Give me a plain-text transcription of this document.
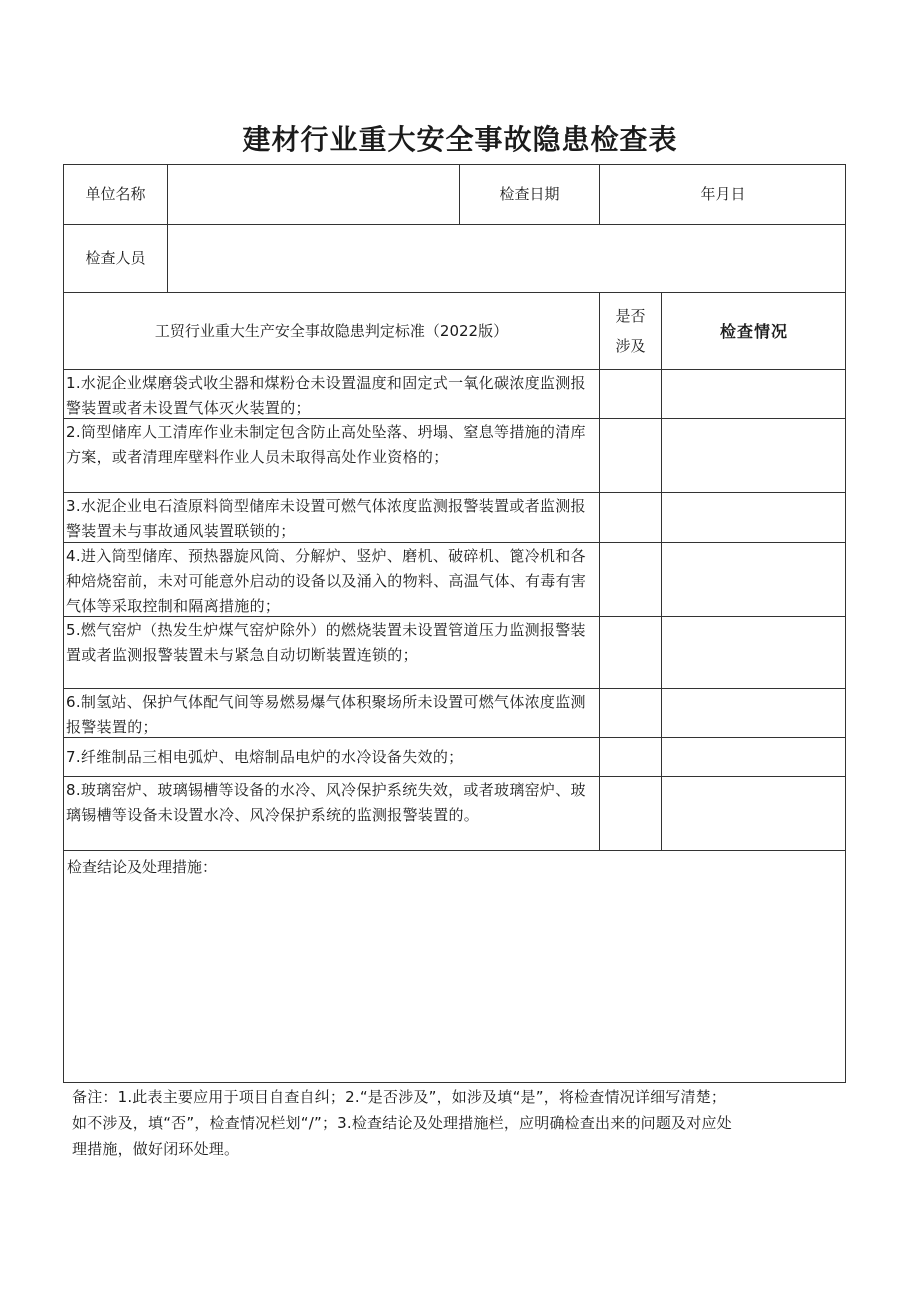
建材行业重大安全事故隐患检查表
单位名称	检查日期	年月日
检查人员
工贸行业重大生产安全事故隐患判定标准（2022版）
是否
涉及
检查情况
1.水泥企业煤磨袋式收尘器和煤粉仓未设置温度和固定式一氧化碳浓度监测报警装置或者未设置气体灭火装置的；
2.筒型储库人工清库作业未制定包含防止高处坠落、坍塌、窒息等措施的清库方案，或者清理库壁料作业人员未取得高处作业资格的；
3.水泥企业电石渣原料筒型储库未设置可燃气体浓度监测报警装置或者监测报警装置未与事故通风装置联锁的；
4.进入筒型储库、预热器旋风筒、分解炉、竖炉、磨机、破碎机、篦冷机和各种焙烧窑前，未对可能意外启动的设备以及涌入的物料、高温气体、有毒有害气体等采取控制和隔离措施的；
5.燃气窑炉（热发生炉煤气窑炉除外）的燃烧装置未设置管道压力监测报警装置或者监测报警装置未与紧急自动切断装置连锁的；
6.制氢站、保护气体配气间等易燃易爆气体积聚场所未设置可燃气体浓度监测报警装置的；
7.纤维制品三相电弧炉、电熔制品电炉的水冷设备失效的；
8.玻璃窑炉、玻璃锡槽等设备的水冷、风冷保护系统失效，或者玻璃窑炉、玻璃锡槽等设备未设置水冷、风冷保护系统的监测报警装置的。
检查结论及处理措施：
备注：1.此表主要应用于项目自查自纠；2.“是否涉及”，如涉及填“是”，将检查情况详细写清楚；
如不涉及，填“否”，检查情况栏划“/”；3.检查结论及处理措施栏，应明确检查出来的问题及对应处
理措施，做好闭环处理。
